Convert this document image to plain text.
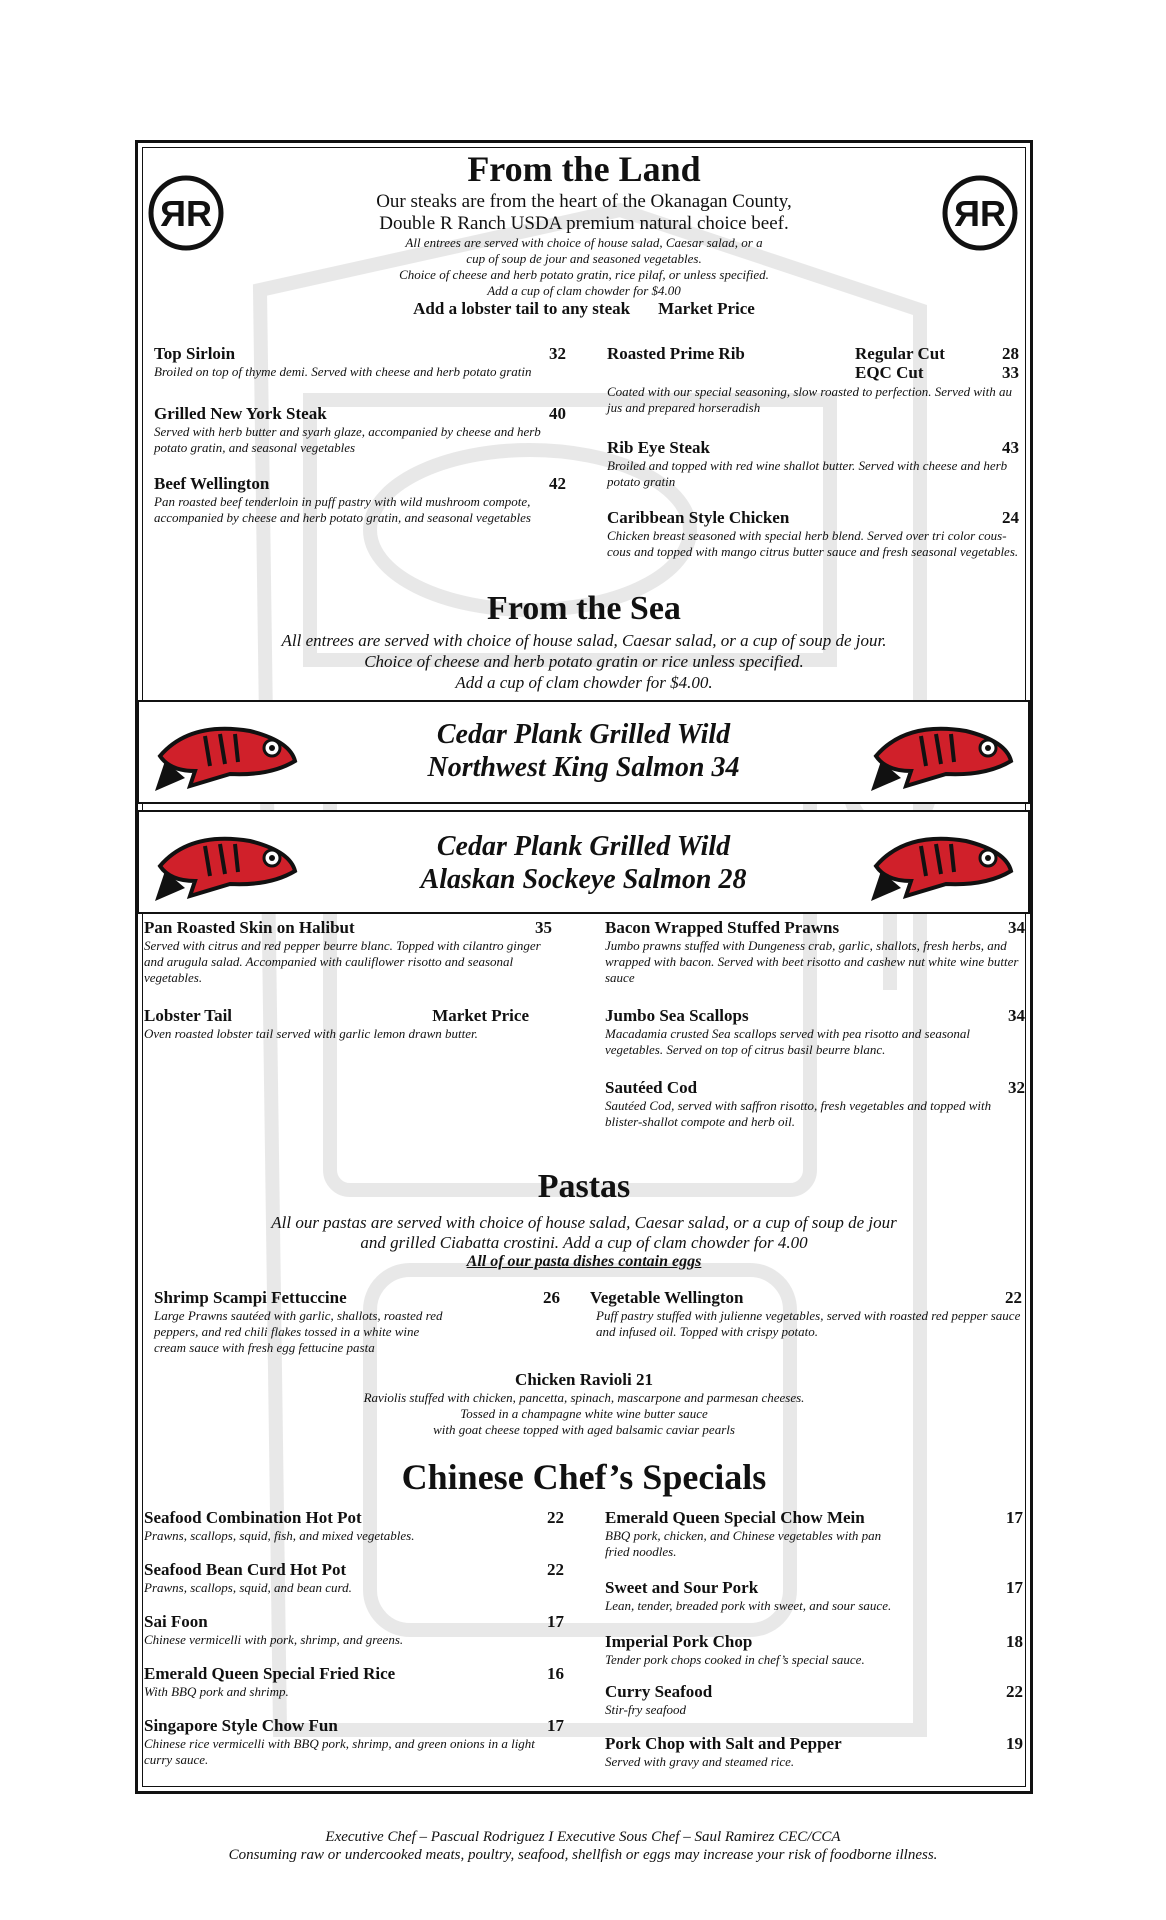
From the Land
ЯR	ЯR
Our steaks are from the heart of the Okanagan County,
Double R Ranch USDA premium natural choice beef.
All entrees are served with choice of house salad, Caesar salad, or a
cup of soup de jour and seasoned vegetables.
Choice of cheese and herb potato gratin, rice pilaf, or unless specified.
Add a cup of clam chowder for $4.00
Add a lobster tail to any steak Market Price
Top Sirloin	32
Broiled on top of thyme demi. Served with cheese and herb potato gratin
Grilled New York Steak	40
Served with herb butter and syarh glaze, accompanied by cheese and herb potato gratin, and seasonal vegetables
Beef Wellington	42
Pan roasted beef tenderloin in puff pastry with wild mushroom compote, accompanied by cheese and herb potato gratin, and seasonal vegetables
Roasted Prime Rib	Regular Cut	28
EQC Cut	33
Coated with our special seasoning, slow roasted to perfection. Served with au jus and prepared horseradish
Rib Eye Steak	43
Broiled and topped with red wine shallot butter. Served with cheese and herb potato gratin
Caribbean Style Chicken	24
Chicken breast seasoned with special herb blend. Served over tri color cous-cous and topped with mango citrus butter sauce and fresh seasonal vegetables.
From the Sea
All entrees are served with choice of house salad, Caesar salad, or a cup of soup de jour.
Choice of cheese and herb potato gratin or rice unless specified.
Add a cup of clam chowder for $4.00.
Cedar Plank Grilled Wild
Northwest King Salmon 34
Cedar Plank Grilled Wild
Alaskan Sockeye Salmon 28
Pan Roasted Skin on Halibut	35
Served with citrus and red pepper beurre blanc. Topped with cilantro ginger and arugula salad. Accompanied with cauliflower risotto and seasonal vegetables.
Lobster Tail	Market Price
Oven roasted lobster tail served with garlic lemon drawn butter.
Bacon Wrapped Stuffed Prawns	34
Jumbo prawns stuffed with Dungeness crab, garlic, shallots, fresh herbs, and wrapped with bacon. Served with beet risotto and cashew nut white wine butter sauce
Jumbo Sea Scallops	34
Macadamia crusted Sea scallops served with pea risotto and seasonal vegetables. Served on top of citrus basil beurre blanc.
Sautéed Cod	32
Sautéed Cod, served with saffron risotto, fresh vegetables and topped with blister-shallot compote and herb oil.
Pastas
All our pastas are served with choice of house salad, Caesar salad, or a cup of soup de jour
and grilled Ciabatta crostini. Add a cup of clam chowder for 4.00
All of our pasta dishes contain eggs
Shrimp Scampi Fettuccine	26
Large Prawns sautéed with garlic, shallots, roasted red peppers, and red chili flakes tossed in a white wine cream sauce with fresh egg fettucine pasta
Vegetable Wellington	22
Puff pastry stuffed with julienne vegetables, served with roasted red pepper sauce and infused oil. Topped with crispy potato.
Chicken Ravioli 21
Raviolis stuffed with chicken, pancetta, spinach, mascarpone and parmesan cheeses.
Tossed in a champagne white wine butter sauce
with goat cheese topped with aged balsamic caviar pearls
Chinese Chef’s Specials
Seafood Combination Hot Pot	22
Prawns, scallops, squid, fish, and mixed vegetables.
Seafood Bean Curd Hot Pot	22
Prawns, scallops, squid, and bean curd.
Sai Foon	17
Chinese vermicelli with pork, shrimp, and greens.
Emerald Queen Special Fried Rice	16
With BBQ pork and shrimp.
Singapore Style Chow Fun	17
Chinese rice vermicelli with BBQ pork, shrimp, and green onions in a light curry sauce.
Emerald Queen Special Chow Mein	17
BBQ pork, chicken, and Chinese vegetables with pan fried noodles.
Sweet and Sour Pork	17
Lean, tender, breaded pork with sweet, and sour sauce.
Imperial Pork Chop	18
Tender pork chops cooked in chef’s special sauce.
Curry Seafood	22
Stir-fry seafood
Pork Chop with Salt and Pepper	19
Served with gravy and steamed rice.
Executive Chef – Pascual Rodriguez I Executive Sous Chef – Saul Ramirez CEC/CCA
Consuming raw or undercooked meats, poultry, seafood, shellfish or eggs may increase your risk of foodborne illness.
